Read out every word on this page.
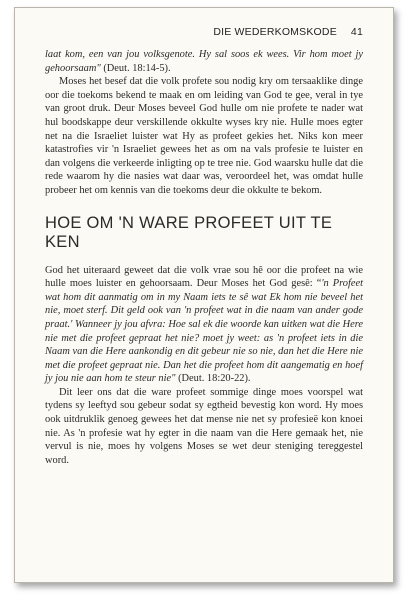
DIE WEDERKOMSKODE 41

laat kom, een van jou volksgenote. Hy sal soos ek wees. Vir hom moet jy gehoorsaam" (Deut. 18:14-5).

Moses het besef dat die volk profete sou nodig kry om tersaaklike dinge oor die toekoms bekend te maak en om leiding van God te gee, veral in tye van groot druk. Deur Moses beveel God hulle om nie profete te nader wat hul boodskappe deur verskillende okkulte wyses kry nie. Hulle moes egter net na die Israeliet luister wat Hy as profeet gekies het. Niks kon meer katastrofies vir 'n Israeliet gewees het as om na vals profesie te luister en dan volgens die verkeerde inligting op te tree nie. God waarsku hulle dat die rede waarom hy die nasies wat daar was, veroordeel het, was omdat hulle probeer het om kennis van die toekoms deur die okkulte te bekom.

HOE OM 'N WARE PROFEET UIT TE KEN

God het uiteraard geweet dat die volk vrae sou hê oor die profeet na wie hulle moes luister en gehoorsaam. Deur Moses het God gesê: “'n Profeet wat hom dit aanmatig om in my Naam iets te sê wat Ek hom nie beveel het nie, moet sterf. Dit geld ook van 'n profeet wat in die naam van ander gode praat.' Wanneer jy jou afvra: Hoe sal ek die woorde kan uitken wat die Here nie met die profeet gepraat het nie? moet jy weet: as 'n profeet iets in die Naam van die Here aankondig en dit gebeur nie so nie, dan het die Here nie met die profeet gepraat nie. Dan het die profeet hom dit aangematig en hoef jy jou nie aan hom te steur nie" (Deut. 18:20-22).

Dit leer ons dat die ware profeet sommige dinge moes voorspel wat tydens sy leeftyd sou gebeur sodat sy egtheid bevestig kon word. Hy moes ook uitdruklik genoeg gewees het dat mense nie net sy profesieë kon knoei nie. As 'n profesie wat hy egter in die naam van die Here gemaak het, nie vervul is nie, moes hy volgens Moses se wet deur steniging tereggestel word.
